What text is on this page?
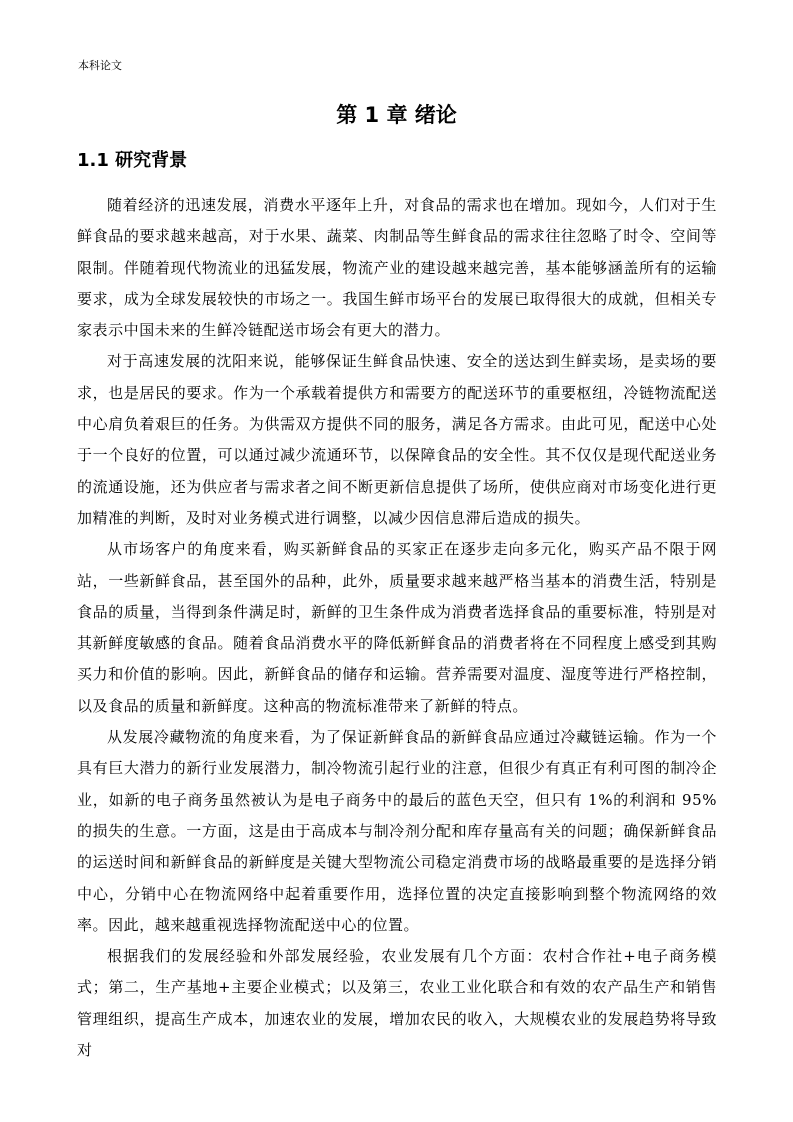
本科论文
第 1 章 绪论
1.1 研究背景

随着经济的迅速发展，消费水平逐年上升，对食品的需求也在增加。现如今，人们对于生鲜食品的要求越来越高，对于水果、蔬菜、肉制品等生鲜食品的需求往往忽略了时令、空间等限制。伴随着现代物流业的迅猛发展，物流产业的建设越来越完善，基本能够涵盖所有的运输要求，成为全球发展较快的市场之一。我国生鲜市场平台的发展已取得很大的成就，但相关专家表示中国未来的生鲜冷链配送市场会有更大的潜力。

对于高速发展的沈阳来说，能够保证生鲜食品快速、安全的送达到生鲜卖场，是卖场的要求，也是居民的要求。作为一个承载着提供方和需要方的配送环节的重要枢纽，冷链物流配送中心肩负着艰巨的任务。为供需双方提供不同的服务，满足各方需求。由此可见，配送中心处于一个良好的位置，可以通过减少流通环节，以保障食品的安全性。其不仅仅是现代配送业务的流通设施，还为供应者与需求者之间不断更新信息提供了场所，使供应商对市场变化进行更加精准的判断，及时对业务模式进行调整，以减少因信息滞后造成的损失。

从市场客户的角度来看，购买新鲜食品的买家正在逐步走向多元化，购买产品不限于网站，一些新鲜食品，甚至国外的品种，此外，质量要求越来越严格当基本的消费生活，特别是食品的质量，当得到条件满足时，新鲜的卫生条件成为消费者选择食品的重要标准，特别是对其新鲜度敏感的食品。随着食品消费水平的降低新鲜食品的消费者将在不同程度上感受到其购买力和价值的影响。因此，新鲜食品的储存和运输。营养需要对温度、湿度等进行严格控制，以及食品的质量和新鲜度。这种高的物流标准带来了新鲜的特点。

从发展冷藏物流的角度来看，为了保证新鲜食品的新鲜食品应通过冷藏链运输。作为一个具有巨大潜力的新行业发展潜力，制冷物流引起行业的注意，但很少有真正有利可图的制冷企业，如新的电子商务虽然被认为是电子商务中的最后的蓝色天空，但只有 1%的利润和 95%的损失的生意。一方面，这是由于高成本与制冷剂分配和库存量高有关的问题；确保新鲜食品的运送时间和新鲜食品的新鲜度是关键大型物流公司稳定消费市场的战略最重要的是选择分销中心，分销中心在物流网络中起着重要作用，选择位置的决定直接影响到整个物流网络的效率。因此，越来越重视选择物流配送中心的位置。

根据我们的发展经验和外部发展经验，农业发展有几个方面：农村合作社+电子商务模式；第二，生产基地+主要企业模式；以及第三，农业工业化联合和有效的农产品生产和销售管理组织，提高生产成本，加速农业的发展，增加农民的收入，大规模农业的发展趋势将导致对
